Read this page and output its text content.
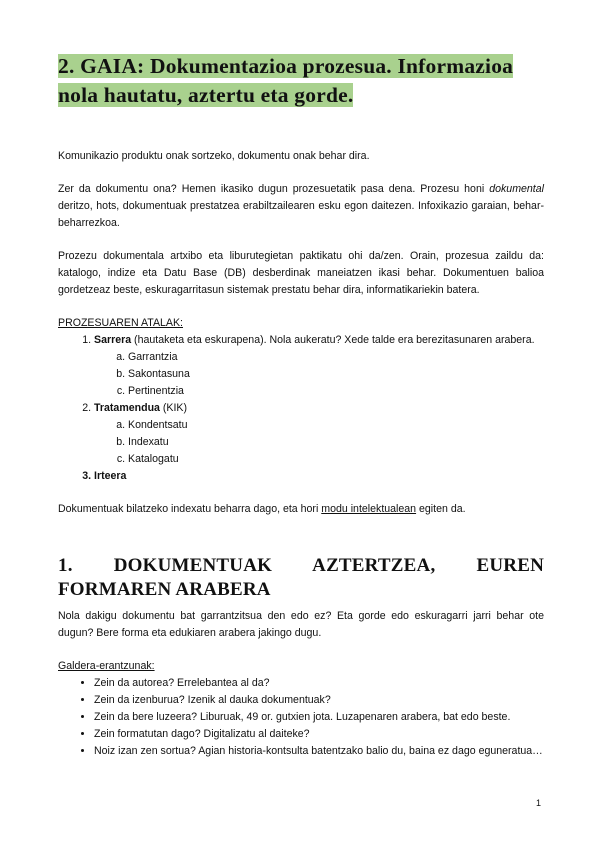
2. GAIA: Dokumentazioa prozesua. Informazioa nola hautatu, aztertu eta gorde.

Komunikazio produktu onak sortzeko, dokumentu onak behar dira.

Zer da dokumentu ona? Hemen ikasiko dugun prozesuetatik pasa dena. Prozesu honi dokumental deritzo, hots, dokumentuak prestatzea erabiltzailearen esku egon daitezen. Infoxikazio garaian, behar-beharrezkoa.

Prozezu dokumentala artxibo eta liburutegietan paktikatu ohi da/zen. Orain, prozesua zaildu da: katalogo, indize eta Datu Base (DB) desberdinak maneiatzen ikasi behar. Dokumentuen balioa gordetzeaz beste, eskuragarritasun sistemak prestatu behar dira, informatikariekin batera.

PROZESUAREN ATALAK:

1. Sarrera (hautaketa eta eskurapena). Nola aukeratu? Xede talde era berezitasunaren arabera.
a. Garrantzia
b. Sakontasuna
c. Pertinentzia
2. Tratamendua (KIK)
a. Kondentsatu
b. Indexatu
c. Katalogatu
3. Irteera

Dokumentuak bilatzeko indexatu beharra dago, eta hori modu intelektualean egiten da.

1. DOKUMENTUAK AZTERTZEA, EUREN FORMAREN ARABERA

Nola dakigu dokumentu bat garrantzitsua den edo ez? Eta gorde edo eskuragarri jarri behar ote dugun? Bere forma eta edukiaren arabera jakingo dugu.

Galdera-erantzunak:

• Zein da autorea? Errelebantea al da?
• Zein da izenburua? Izenik al dauka dokumentuak?
• Zein da bere luzeera? Liburuak, 49 or. gutxien jota. Luzapenaren arabera, bat edo beste.
• Zein formatutan dago? Digitalizatu al daiteke?
• Noiz izan zen sortua? Agian historia-kontsulta batentzako balio du, baina ez dago eguneratua…
1
